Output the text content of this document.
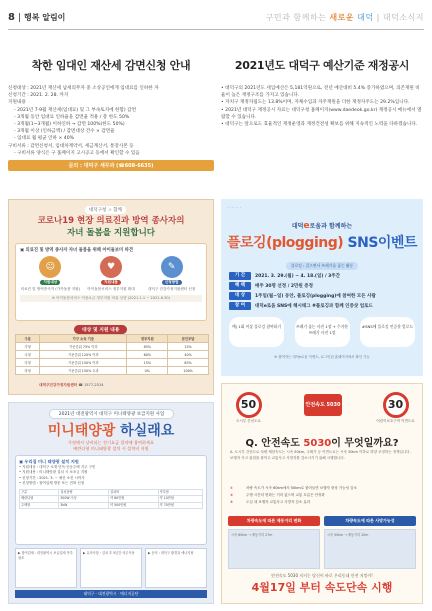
8 행복 알림이	구민과 함께하는 새로운 대덕 | 대덕소식지
착한 임대인 재산세 감면신청 안내
신청대상 : 2021년 재산세 납세의무자 중 소상공인에게 임대료를 인하한 자
신청기간 : 2021. 2. 28. 까지
지원내용
- 2021년 7·9월 재산세(임대료) 및 그 부속토지에 한함) 감면
- 3개월 동안 임대료 인하율을 감면율 적용 / 총 한도 50%
- 3개월(1~3개월) 이하인하 → 감면 100%(한도 50%)
- 3개월 이상 (인하금액) / 감면대상 건수 × 감면율
- 임대료 월 평균 인하 × 40%
구비서류 : 감면신청서, 임대차계약서, 세금계산서, 통장사본 등
- 구비서류 양식은 구 홈페이지 고시공고 등에서 확인할 수 있음
문의 : 대덕구 세무과 (☎608-6635)
2021년도 대덕구 예산기준 재정공시
• 대덕구의 2021년도 세입예산은 5,181억원으로, 전년 예산대비 5.4% 증가하였으며, 의존재원 비율이 높은 재정구조를 가지고 있습니다.
• 자치구 재정자립도는 13.8%이며, 자체수입과 자주재원을 더한 재정자주도는 29.2%입니다.
• 2021년 대덕구 재정공시 자료는 대덕구청 홈페이지(www.daedeok.go.kr) 재정공시 메뉴에서 열람할 수 있습니다.
• 대덕구는 앞으로도 효율적인 재정운영과 재정건전성 확보를 위해 지속적인 노력을 다하겠습니다.
대덕구청 ☆ 함께
코로나19 현장 의료진과 방역 종사자의
자녀 돌봄을 지원합니다
▣ 의료진 및 방역 종사자 자녀 돌봄을 위해 아이돌보미 파견
☺
지원대상
의료진 및 방역종사자 (가족돌봄 지원)
♥
지원내용
아이돌봄서비스 정부지원 확대
✎
신청방법
대덕구 건강가정지원센터 신청
※ 아이돌봄서비스 이용요금 정부지원 비율 상향 (2021.1.1 ~ 2021.6.30)
대상 및 지원 내용
구분	가구 소득 기준	정부지원	본인부담
가형	기준중위 75% 이하	85%	15%
나형	기준중위 120% 이하	60%	40%
다형	기준중위 150% 이하	15%	85%
라형	기준중위 150% 초과	0%	100%
대덕구건강가정지원센터 ☎ 1577-2514
· · · · · ·
대덕e로움과 함께하는
플로깅(plogging) SNS이벤트
플로깅 : 걸으면서 쓰레기를 줍는 활동
기 간	2021. 3. 29.(월) ~ 4. 18.(일) / 3주간
혜 택	매주 30명 선정 / 2만원 증정
대 상	1주일(월~일) 동안, 플로깅(plogging)에 참여한 모든 사람
참 여	대덕e로움 SNS에 해시태그 #플로깅과 함께 인증샷 업로드
예) 1회 이상 플로깅 참여하기	쓰레기 줍는 사진 1장 + 수거한 쓰레기 사진 1장
#SNS에 플로깅 인증샷 업로드
※ 참여자는 대덕e로움 이벤트, 로그인된 홈페이지에서 확인 가능
2021년 대전광역시 대덕구 미니태양광 보급지원 사업
미니태양광 하실래요
가정에서 낭비되는 전기요금 절약에 참여하세요
베란다형 미니태양광 설치 시 설치비 지원
▣ 우리집 미니 태양광 설치 지원
• 지원대상 : 대덕구 소재 단독·공동주택 거주 구민
• 지원내용 : 미니태양광 설치 시 보조금 지원
• 신청기간 : 2021. 3. ~ 예산 소진 시까지
• 신청방법 : 참여업체 방문 또는 전화 신청
구분	설치용량	설치비	자부담
베란다형	300W 이상	약 60만원	약 10만원
주택형	3kW	약 500만원	약 70만원
▶ 참여업체 : 대전광역시 보급업체 목록 참조
▶ 유의사항 : 설치 후 5년간 의무사용	▶ 문의 : 대덕구 환경과 에너지팀
대덕구 · 대전광역시 · 에너지공단
50
도시부 간선도로
30
어린이보호구역 이면도로
안전속도 5030
Q. 안전속도 5030이 무엇일까요?
A. 도시부 간선도로 차량 제한속도는 시속 50km, 주택가 등 이면도로는 시속 30km 이하로 하향 조정하는 정책입니다. 보행자 사고 위험을 줄이고 교통사고 사망자를 감소시키기 위해 시행합니다.
①	차량 속도가 시속 60km에서 50km로 줄어들면 보행자 중상 가능성 감소
②	주행 시간의 변화는 거의 없으며 교통 흐름은 안정화
③	도심 내 보행자 교통사고 사망자 감소 효과
차량속도에 따른 제동거리 변화	차량속도에 따른 사망가능성
시속 60km → 제동거리 27m	시속 50km → 제동거리 20m
안전속도 5030 지키는 당신이 바로 우리동네 안전 지킴이!
4월17일 부터 속도단속 시행
